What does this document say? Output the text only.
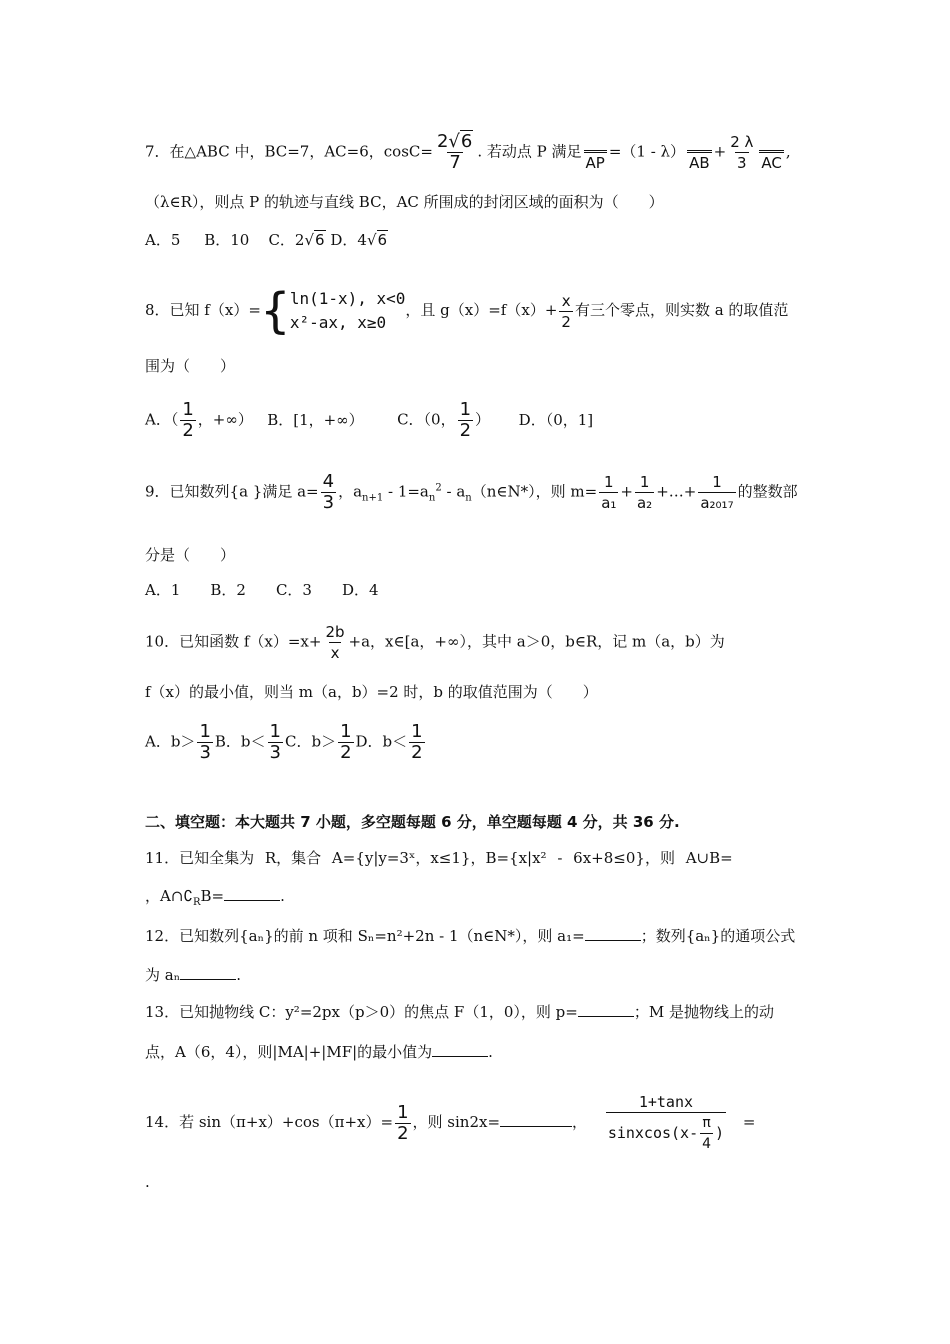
7．在△ABC 中，BC=7，AC=6，$\cos C= \frac{2√6}{7}$ . 若动点 P 满足

AP
=（1 - λ）

AB
+ $\frac{2 \lambda}{3}$
AC
,
（λ∈R），则点 P 的轨迹与直线 BC，AC 所围成的封闭区域的面积为（　　）
A．5 B．10 C．2√6 D．4√6
8．已知 f（x）= { ln(1-x), x<0
x²-ax, x≥0
，且 $g(x)=f(x)+ \frac{x}{2}$ 有三个零点，则实数 a 的取值范
围为（　　）
A．（ $\frac{1}{2}$ ，+∞） B．[1，+∞） C．（0， $\frac{1}{2}$ ） D．（0，1]
9．已知数列{a }满足 $a= \frac{4}{3}$ ，$a_{n+1} - 1=a_n^2$ - $a_n(n\in N*)$，则 $m= \frac{1}{\text{a₁}} + \frac{1}{\text{a₂}}$ +…+ $\frac{1}{\text{a₂₀₁₇}}$ 的整数部
分是（　　）
A．1　　B．2　　C．3　　D．4
10．已知函数 $f(x)=x+ \frac{2b}{x} +a$，x∈[a，+∞），其中 a＞0，b∈R，记 m（a，b）为
f（x）的最小值，则当 m（a，b）=2 时，b 的取值范围为（　　）
A．$b> \frac{1}{3}$ B．$b< \frac{1}{3}$ C．$b> \frac{1}{2}$ D．$b< \frac{1}{2}$
二、填空题：本大题共 7 小题，多空题每题 6 分，单空题每题 4 分，共 36 分.
11．已知全集为 R，集合 A={y|y=3ˣ，x≤1}，B={x|x² - 6x+8≤0}，则 A∪B=
，$A\cap∁_RB=$	.
12．已知数列{aₙ}的前 n 项和 Sₙ=n²+2n - 1（n∈N*），则 a₁=	；数列{aₙ}的通项公式
为 aₙ	.
13．已知抛物线 C：y²=2px（p＞0）的焦点 F（1，0），则 p=	；M 是抛物线上的动
点，A（6，4），则|MA|+|MF|的最小值为	.
14．若 $\sin(\pi+x)+\cos(\pi+x)= \frac{1}{2}$ ，则 sin2x=	， $\frac{1+\tan x}{sinxcos(x- \frac{\pi}{4} )}$ =
.
